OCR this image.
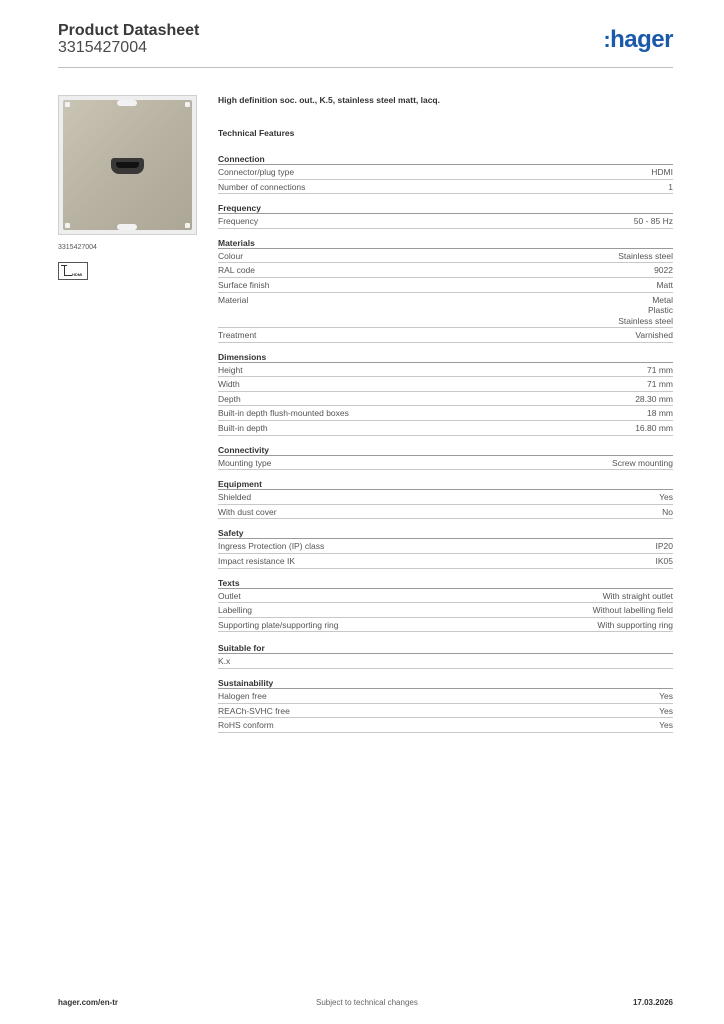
Product Datasheet
3315427004	:hager
3315427004
HDMI
High definition soc. out., K.5, stainless steel matt, lacq.
Technical Features
Connection
Connector/plug type	HDMI
Number of connections	1
Frequency
Frequency	50 - 85 Hz
Materials
Colour	Stainless steel
RAL code	9022
Surface finish	Matt
Material	Metal
Plastic
Stainless steel
Treatment	Varnished
Dimensions
Height	71 mm
Width	71 mm
Depth	28.30 mm
Built-in depth flush-mounted boxes	18 mm
Built-in depth	16.80 mm
Connectivity
Mounting type	Screw mounting
Equipment
Shielded	Yes
With dust cover	No
Safety
Ingress Protection (IP) class	IP20
Impact resistance IK	IK05
Texts
Outlet	With straight outlet
Labelling	Without labelling field
Supporting plate/supporting ring	With supporting ring
Suitable for
K.x
Sustainability
Halogen free	Yes
REACh-SVHC free	Yes
RoHS conform	Yes
hager.com/en-tr	Subject to technical changes	17.03.2026
